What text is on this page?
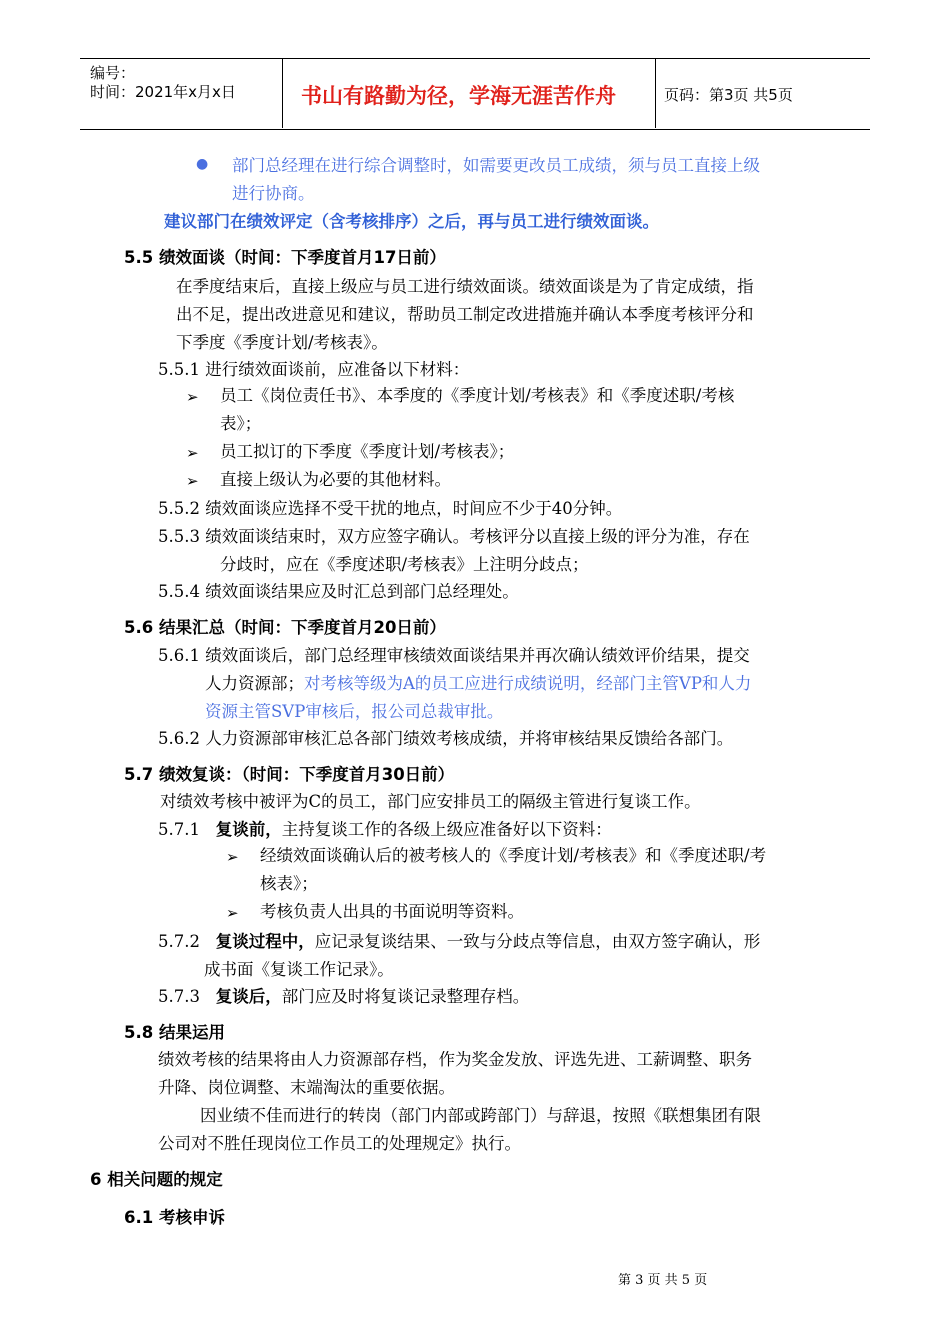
编号：
时间：2021年x月x日	书山有路勤为径，学海无涯苦作舟	页码：第3页 共5页
● 部门总经理在进行综合调整时，如需要更改员工成绩，须与员工直接上级
进行协商。
建议部门在绩效评定（含考核排序）之后，再与员工进行绩效面谈。
5.5 绩效面谈（时间：下季度首月17日前）
在季度结束后，直接上级应与员工进行绩效面谈。绩效面谈是为了肯定成绩，指
出不足，提出改进意见和建议，帮助员工制定改进措施并确认本季度考核评分和
下季度《季度计划/考核表》。
5.5.1 进行绩效面谈前，应准备以下材料：
➢ 员工《岗位责任书》、本季度的《季度计划/考核表》和《季度述职/考核
表》；
➢ 员工拟订的下季度《季度计划/考核表》；
➢ 直接上级认为必要的其他材料。
5.5.2 绩效面谈应选择不受干扰的地点，时间应不少于40分钟。
5.5.3 绩效面谈结束时，双方应签字确认。考核评分以直接上级的评分为准，存在
分歧时，应在《季度述职/考核表》上注明分歧点；
5.5.4 绩效面谈结果应及时汇总到部门总经理处。
5.6 结果汇总（时间：下季度首月20日前）
5.6.1 绩效面谈后，部门总经理审核绩效面谈结果并再次确认绩效评价结果，提交
人力资源部；对考核等级为A的员工应进行成绩说明，经部门主管VP和人力
资源主管SVP审核后，报公司总裁审批。
5.6.2 人力资源部审核汇总各部门绩效考核成绩，并将审核结果反馈给各部门。
5.7 绩效复谈：（时间：下季度首月30日前）
对绩效考核中被评为C的员工，部门应安排员工的隔级主管进行复谈工作。
5.7.1 复谈前，主持复谈工作的各级上级应准备好以下资料：
➢ 经绩效面谈确认后的被考核人的《季度计划/考核表》和《季度述职/考
核表》；
➢ 考核负责人出具的书面说明等资料。
5.7.2 复谈过程中，应记录复谈结果、一致与分歧点等信息，由双方签字确认，形
成书面《复谈工作记录》。
5.7.3 复谈后，部门应及时将复谈记录整理存档。
5.8 结果运用
绩效考核的结果将由人力资源部存档，作为奖金发放、评选先进、工薪调整、职务
升降、岗位调整、末端淘汰的重要依据。
因业绩不佳而进行的转岗（部门内部或跨部门）与辞退，按照《联想集团有限
公司对不胜任现岗位工作员工的处理规定》执行。
6 相关问题的规定
6.1 考核申诉
第 3 页 共 5 页
